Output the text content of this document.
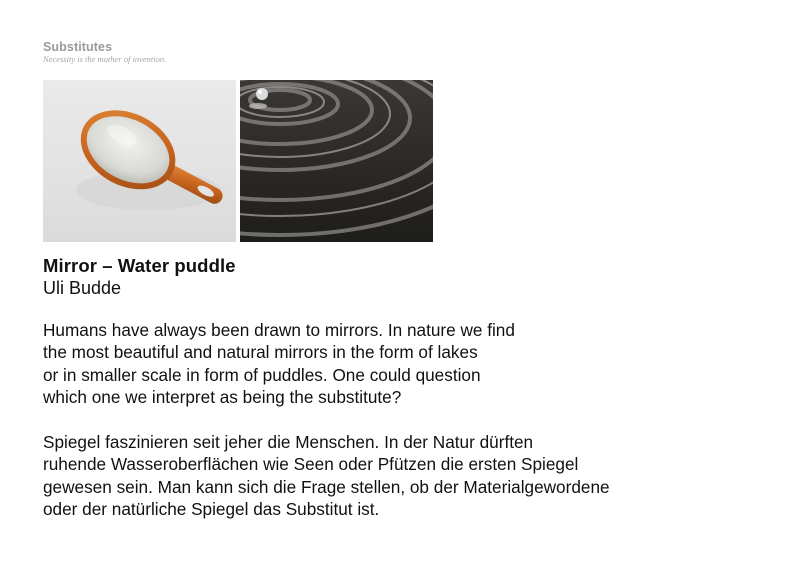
Substitutes
Necessity is the mother of invention.
Mirror – Water puddle
Uli Budde

Humans have always been drawn to mirrors. In nature we find
the most beautiful and natural mirrors in the form of lakes
or in smaller scale in form of puddles. One could question
which one we interpret as being the substitute?

Spiegel faszinieren seit jeher die Menschen. In der Natur dürften
ruhende Wasseroberflächen wie Seen oder Pfützen die ersten Spiegel
gewesen sein. Man kann sich die Frage stellen, ob der Materialgewordene
oder der natürliche Spiegel das Substitut ist.
